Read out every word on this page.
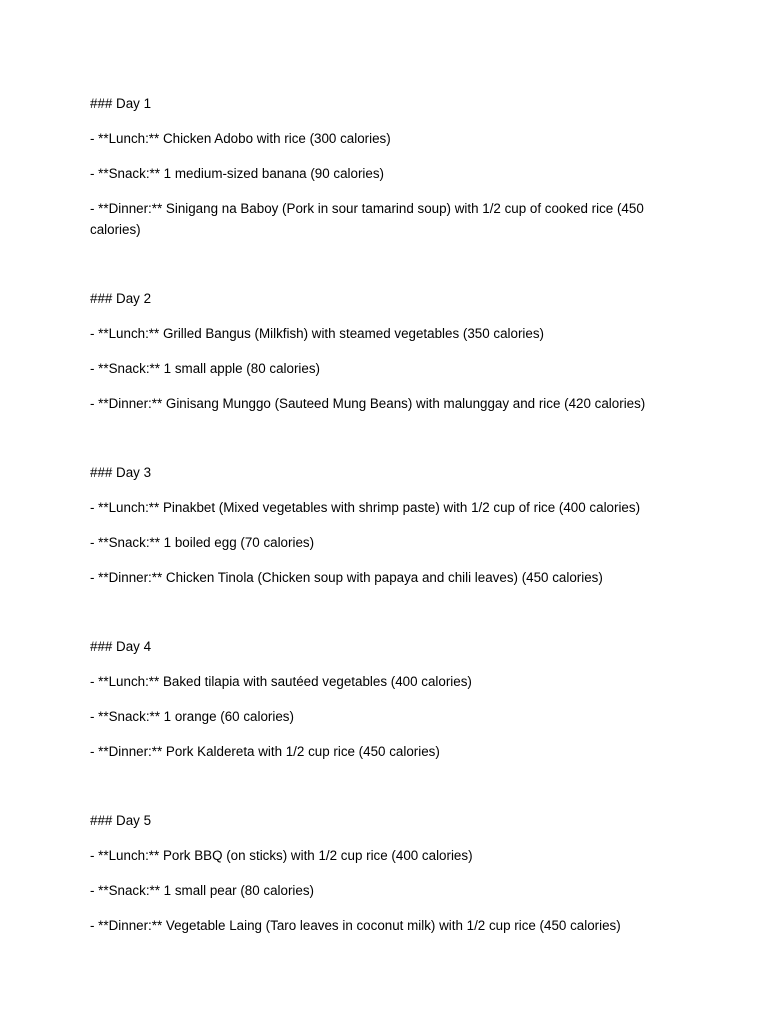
### Day 1

- **Lunch:** Chicken Adobo with rice (300 calories)

- **Snack:** 1 medium-sized banana (90 calories)

- **Dinner:** Sinigang na Baboy (Pork in sour tamarind soup) with 1/2 cup of cooked rice (450 calories)

### Day 2

- **Lunch:** Grilled Bangus (Milkfish) with steamed vegetables (350 calories)

- **Snack:** 1 small apple (80 calories)

- **Dinner:** Ginisang Munggo (Sauteed Mung Beans) with malunggay and rice (420 calories)

### Day 3

- **Lunch:** Pinakbet (Mixed vegetables with shrimp paste) with 1/2 cup of rice (400 calories)

- **Snack:** 1 boiled egg (70 calories)

- **Dinner:** Chicken Tinola (Chicken soup with papaya and chili leaves) (450 calories)

### Day 4

- **Lunch:** Baked tilapia with sautéed vegetables (400 calories)

- **Snack:** 1 orange (60 calories)

- **Dinner:** Pork Kaldereta with 1/2 cup rice (450 calories)

### Day 5

- **Lunch:** Pork BBQ (on sticks) with 1/2 cup rice (400 calories)

- **Snack:** 1 small pear (80 calories)

- **Dinner:** Vegetable Laing (Taro leaves in coconut milk) with 1/2 cup rice (450 calories)
